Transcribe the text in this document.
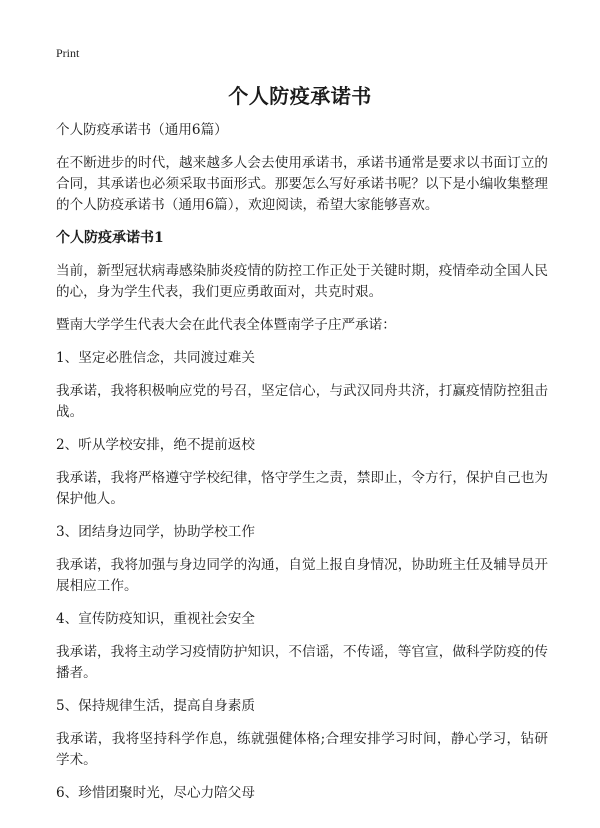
Print
个人防疫承诺书

个人防疫承诺书（通用6篇）

在不断进步的时代，越来越多人会去使用承诺书，承诺书通常是要求以书面订立的合同，其承诺也必须采取书面形式。那要怎么写好承诺书呢？以下是小编收集整理的个人防疫承诺书（通用6篇），欢迎阅读，希望大家能够喜欢。

个人防疫承诺书1

当前，新型冠状病毒感染肺炎疫情的防控工作正处于关键时期，疫情牵动全国人民的心，身为学生代表，我们更应勇敢面对，共克时艰。

暨南大学学生代表大会在此代表全体暨南学子庄严承诺：

1、坚定必胜信念，共同渡过难关

我承诺，我将积极响应党的号召，坚定信心，与武汉同舟共济，打赢疫情防控狙击战。

2、听从学校安排，绝不提前返校

我承诺，我将严格遵守学校纪律，恪守学生之责，禁即止，令方行，保护自己也为保护他人。

3、团结身边同学，协助学校工作

我承诺，我将加强与身边同学的沟通，自觉上报自身情况，协助班主任及辅导员开展相应工作。

4、宣传防疫知识，重视社会安全

我承诺，我将主动学习疫情防护知识，不信谣，不传谣，等官宣，做科学防疫的传播者。

5、保持规律生活，提高自身素质

我承诺，我将坚持科学作息，练就强健体格;合理安排学习时间，静心学习，钻研学术。

6、珍惜团聚时光，尽心力陪父母
